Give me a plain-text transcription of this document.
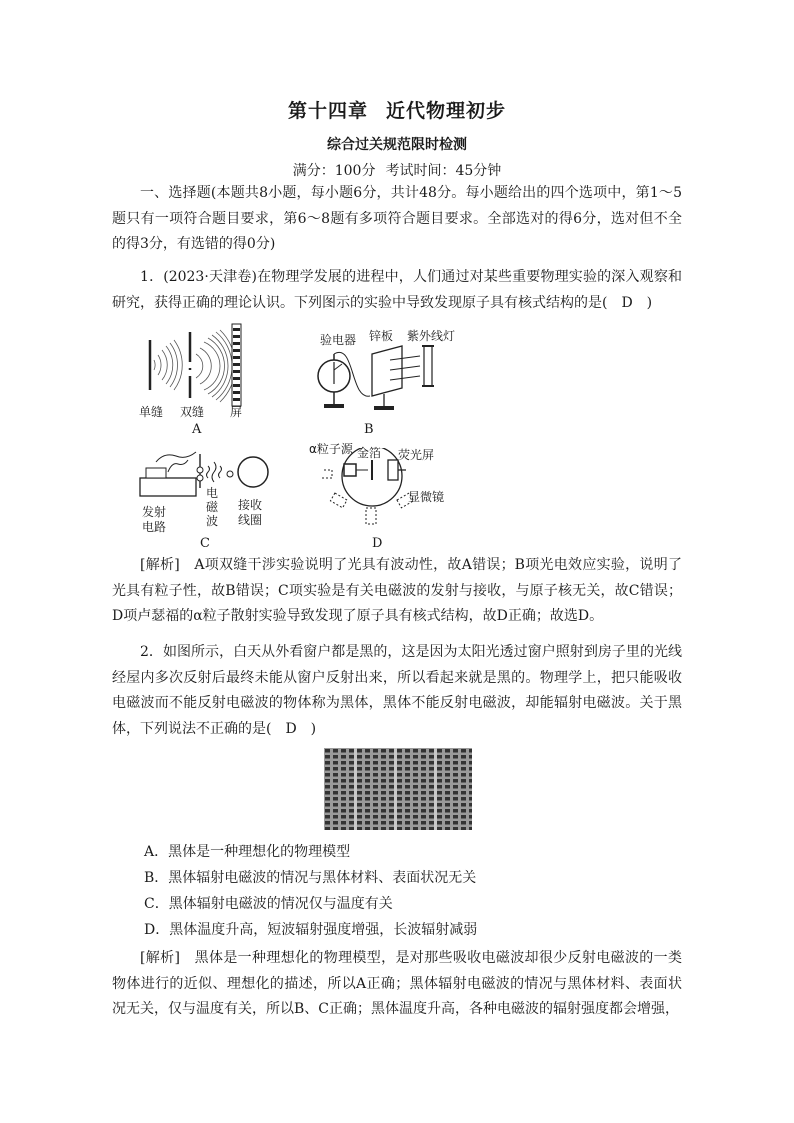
第十四章 近代物理初步
综合过关规范限时检测
满分：100分 考试时间：45分钟
一、选择题(本题共8小题，每小题6分，共计48分。每小题给出的四个选项中，第1～5题只有一项符合题目要求，第6～8题有多项符合题目要求。全部选对的得6分，选对但不全的得3分，有选错的得0分)
1．(2023·天津卷)在物理学发展的进程中，人们通过对某些重要物理实验的深入观察和研究，获得正确的理论认识。下列图示的实验中导致发现原子具有核式结构的是(　D　)
单缝 双缝 屏
A
验电器 锌板 紫外线灯
B
发射电路
电磁波
接收线圈
C
α粒子源 金箔 荧光屏
显微镜
D
[解析]　A项双缝干涉实验说明了光具有波动性，故A错误；B项光电效应实验，说明了光具有粒子性，故B错误；C项实验是有关电磁波的发射与接收，与原子核无关，故C错误；D项卢瑟福的α粒子散射实验导致发现了原子具有核式结构，故D正确；故选D。
2．如图所示，白天从外看窗户都是黑的，这是因为太阳光透过窗户照射到房子里的光线经屋内多次反射后最终未能从窗户反射出来，所以看起来就是黑的。物理学上，把只能吸收电磁波而不能反射电磁波的物体称为黑体，黑体不能反射电磁波，却能辐射电磁波。关于黑体，下列说法不正确的是(　D　)
A．黑体是一种理想化的物理模型
B．黑体辐射电磁波的情况与黑体材料、表面状况无关
C．黑体辐射电磁波的情况仅与温度有关
D．黑体温度升高，短波辐射强度增强，长波辐射减弱
[解析]　黑体是一种理想化的物理模型，是对那些吸收电磁波却很少反射电磁波的一类物体进行的近似、理想化的描述，所以A正确；黑体辐射电磁波的情况与黑体材料、表面状况无关，仅与温度有关，所以B、C正确；黑体温度升高，各种电磁波的辐射强度都会增强，
